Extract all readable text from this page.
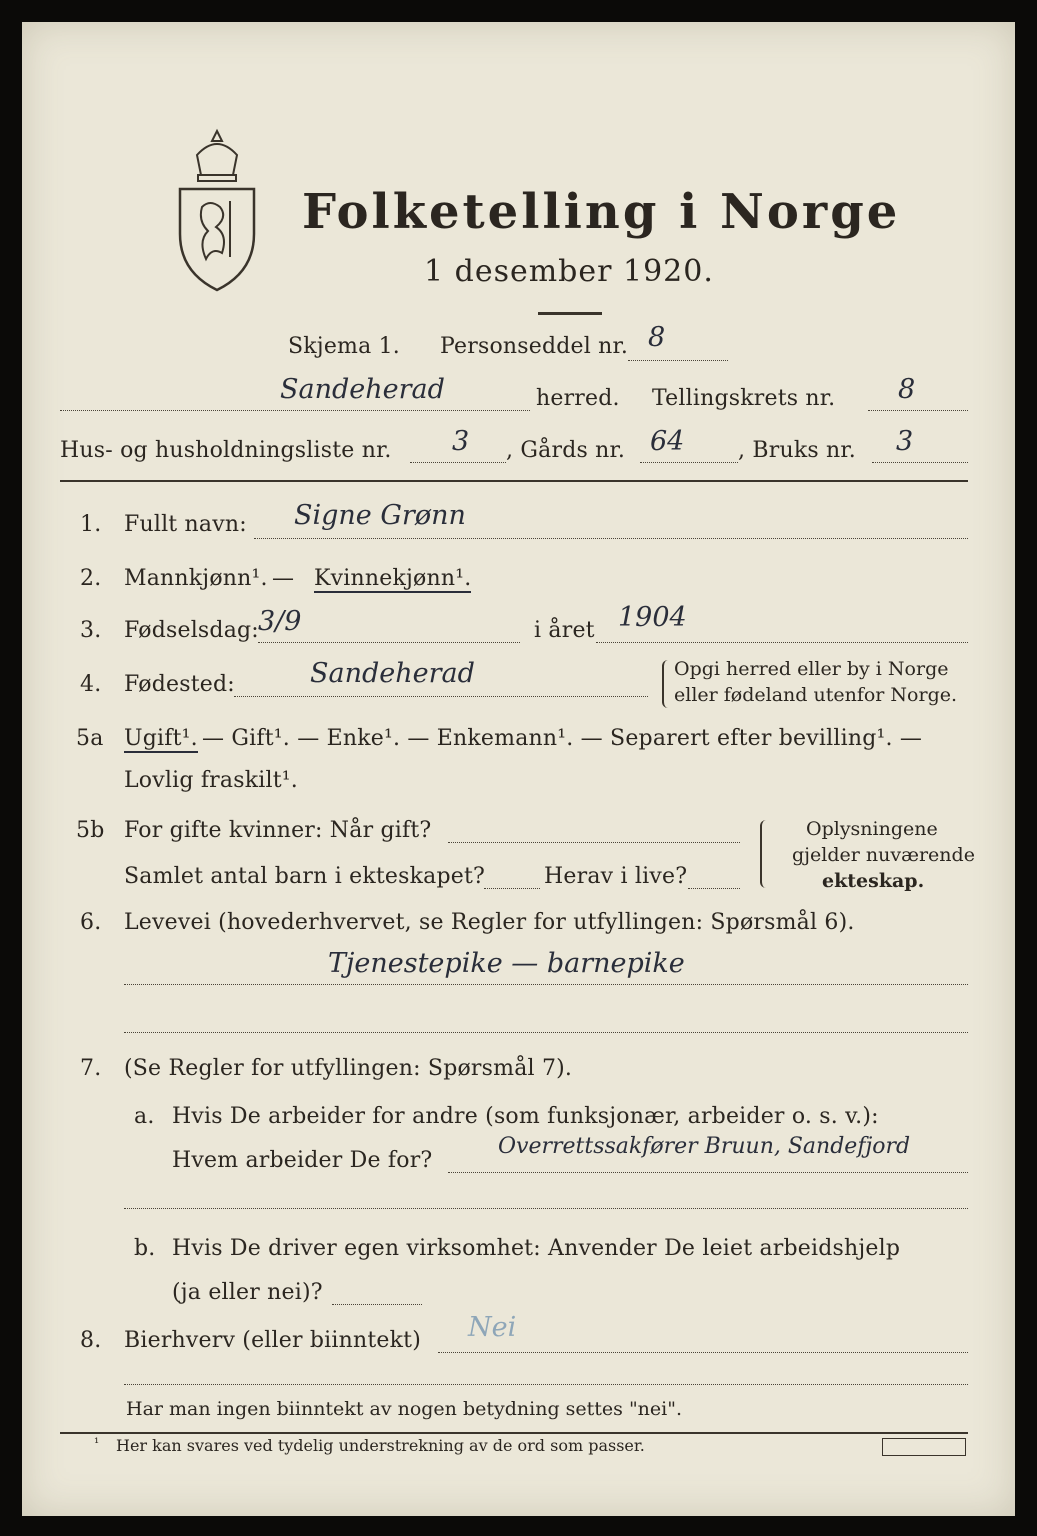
Folketelling i Norge
1 desember 1920.
Skjema 1. Personseddel nr. 8
Sandeherad	herred. Tellingskrets nr. 8
Hus- og husholdningsliste nr. 3 , Gårds nr. 64 , Bruks nr. 3
1. Fullt navn: Signe Grønn
2. Mannkjønn¹. — Kvinnekjønn¹.
3. Fødselsdag: 3/9	i året 1904
4. Fødested:	Sandeherad	Opgi herred eller by i Norge
eller fødeland utenfor Norge.
5a Ugift¹. — Gift¹. — Enke¹. — Enkemann¹. — Separert efter bevilling¹. —
Lovlig fraskilt¹.
5b For gifte kvinner: Når gift?
Samlet antal barn i ekteskapet?	Herav i live?
Oplysningene
gjelder nuværende
ekteskap.
6. Levevei (hovederhvervet, se Regler for utfyllingen: Spørsmål 6).
Tjenestepike — barnepike
7. (Se Regler for utfyllingen: Spørsmål 7).
a. Hvis De arbeider for andre (som funksjonær, arbeider o. s. v.):
Hvem arbeider De for?
Overrettssakfører Bruun, Sandefjord
b. Hvis De driver egen virksomhet: Anvender De leiet arbeidshjelp
(ja eller nei)?
8. Bierhverv (eller biinntekt) Nei
Har man ingen biinntekt av nogen betydning settes "nei".
¹ Her kan svares ved tydelig understrekning av de ord som passer.
